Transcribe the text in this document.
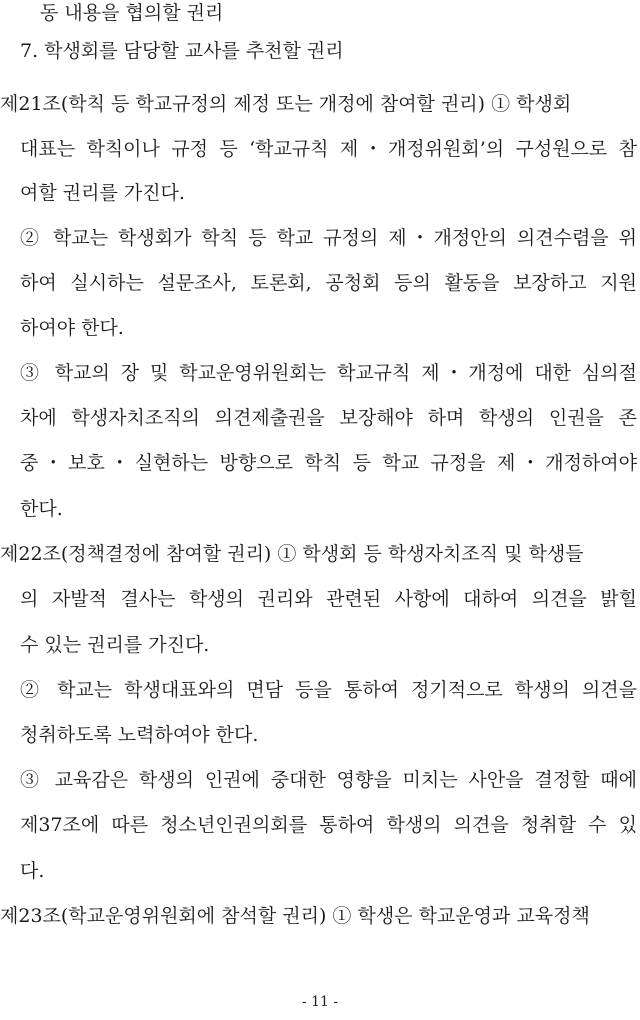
동 내용을 협의할 권리
7. 학생회를 담당할 교사를 추천할 권리
제21조(학칙 등 학교규정의 제정 또는 개정에 참여할 권리) ① 학생회
대표는 학칙이나 규정 등 ‘학교규칙 제・개정위원회’의 구성원으로 참
여할 권리를 가진다.
② 학교는 학생회가 학칙 등 학교 규정의 제・개정안의 의견수렴을 위
하여 실시하는 설문조사, 토론회, 공청회 등의 활동을 보장하고 지원
하여야 한다.
③ 학교의 장 및 학교운영위원회는 학교규칙 제・개정에 대한 심의절
차에 학생자치조직의 의견제출권을 보장해야 하며 학생의 인권을 존
중・보호・실현하는 방향으로 학칙 등 학교 규정을 제・개정하여야
한다.
제22조(정책결정에 참여할 권리) ① 학생회 등 학생자치조직 및 학생들
의 자발적 결사는 학생의 권리와 관련된 사항에 대하여 의견을 밝힐
수 있는 권리를 가진다.
② 학교는 학생대표와의 면담 등을 통하여 정기적으로 학생의 의견을
청취하도록 노력하여야 한다.
③ 교육감은 학생의 인권에 중대한 영향을 미치는 사안을 결정할 때에
제37조에 따른 청소년인권의회를 통하여 학생의 의견을 청취할 수 있
다.
제23조(학교운영위원회에 참석할 권리) ① 학생은 학교운영과 교육정책
- 11 -
